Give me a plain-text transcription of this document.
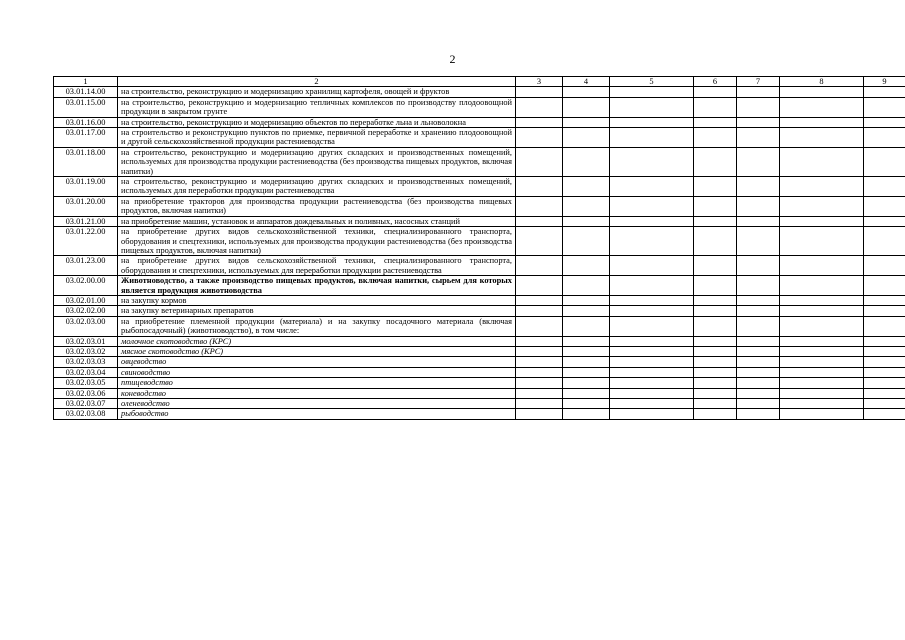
2
1	2	3	4	5	6	7	8	9
03.01.14.00	на строительство, реконструкцию и модернизацию хранилищ картофеля, овощей и фруктов							
03.01.15.00	на строительство, реконструкцию и модернизацию тепличных комплексов по производству плодоовощной продукции в закрытом грунте							
03.01.16.00	на строительство, реконструкцию и модернизацию объектов по переработке льна и льноволокна							
03.01.17.00	на строительство и реконструкцию пунктов по приемке, первичной переработке и хранению плодоовощной и другой сельскохозяйственной продукции растениеводства							
03.01.18.00	на строительство, реконструкцию и модернизацию других складских и производственных помещений, используемых для производства продукции растениеводства (без производства пищевых продуктов, включая напитки)							
03.01.19.00	на строительство, реконструкцию и модернизацию других складских и производственных помещений, используемых для переработки продукции растениеводства							
03.01.20.00	на приобретение тракторов для производства продукции растениеводства (без производства пищевых продуктов, включая напитки)							
03.01.21.00	на приобретение машин, установок и аппаратов дождевальных и поливных, насосных станций							
03.01.22.00	на приобретение других видов сельскохозяйственной техники, специализированного транспорта, оборудования и спецтехники, используемых для производства продукции растениеводства (без производства пищевых продуктов, включая напитки)							
03.01.23.00	на приобретение других видов сельскохозяйственной техники, специализированного транспорта, оборудования и спецтехники, используемых для переработки продукции растениеводства							
03.02.00.00	Животноводство, а также производство пищевых продуктов, включая напитки, сырьем для которых является продукция животноводства							
03.02.01.00	на закупку кормов							
03.02.02.00	на закупку ветеринарных препаратов							
03.02.03.00	на приобретение племенной продукции (материала) и на закупку посадочного материала (включая рыбопосадочный) (животноводство), в том числе:							
03.02.03.01	молочное скотоводство (КРС)							
03.02.03.02	мясное скотоводство (КРС)							
03.02.03.03	овцеводство							
03.02.03.04	свиноводство							
03.02.03.05	птицеводство							
03.02.03.06	коневодство							
03.02.03.07	оленеводство							
03.02.03.08	рыбоводство							
